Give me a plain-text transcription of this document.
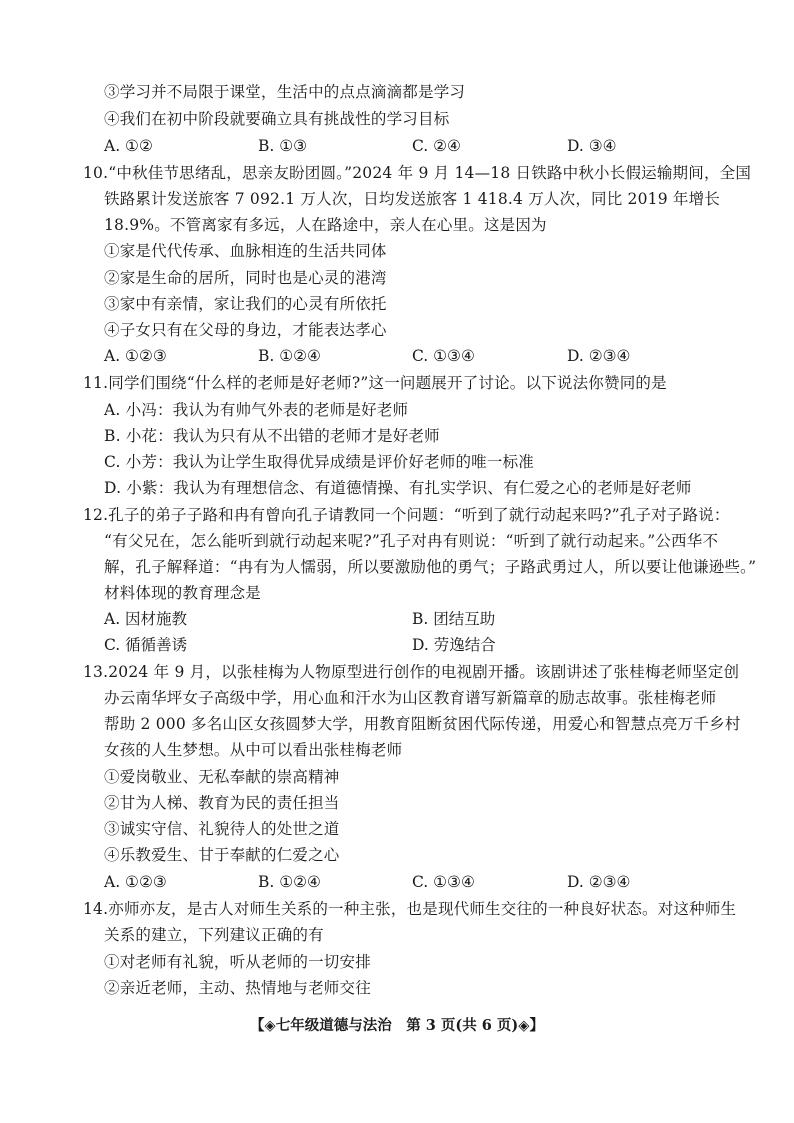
③学习并不局限于课堂，生活中的点点滴滴都是学习
④我们在初中阶段就要确立具有挑战性的学习目标
A. ①②	B. ①③	C. ②④	D. ③④
10.“中秋佳节思绪乱，思亲友盼团圆。”2024 年 9 月 14—18 日铁路中秋小长假运输期间，全国
铁路累计发送旅客 7 092.1 万人次，日均发送旅客 1 418.4 万人次，同比 2019 年增长
18.9%。不管离家有多远，人在路途中，亲人在心里。这是因为
①家是代代传承、血脉相连的生活共同体
②家是生命的居所，同时也是心灵的港湾
③家中有亲情，家让我们的心灵有所依托
④子女只有在父母的身边，才能表达孝心
A. ①②③	B. ①②④	C. ①③④	D. ②③④
11.同学们围绕“什么样的老师是好老师?”这一问题展开了讨论。以下说法你赞同的是
A. 小冯：我认为有帅气外表的老师是好老师
B. 小花：我认为只有从不出错的老师才是好老师
C. 小芳：我认为让学生取得优异成绩是评价好老师的唯一标准
D. 小紫：我认为有理想信念、有道德情操、有扎实学识、有仁爱之心的老师是好老师
12.孔子的弟子子路和冉有曾向孔子请教同一个问题：“听到了就行动起来吗?”孔子对子路说：
“有父兄在，怎么能听到就行动起来呢?”孔子对冉有则说：“听到了就行动起来。”公西华不
解，孔子解释道：“冉有为人懦弱，所以要激励他的勇气；子路武勇过人，所以要让他谦逊些。”
材料体现的教育理念是
A. 因材施教	B. 团结互助
C. 循循善诱	D. 劳逸结合
13.2024 年 9 月，以张桂梅为人物原型进行创作的电视剧开播。该剧讲述了张桂梅老师坚定创
办云南华坪女子高级中学，用心血和汗水为山区教育谱写新篇章的励志故事。张桂梅老师
帮助 2 000 多名山区女孩圆梦大学，用教育阻断贫困代际传递，用爱心和智慧点亮万千乡村
女孩的人生梦想。从中可以看出张桂梅老师
①爱岗敬业、无私奉献的崇高精神
②甘为人梯、教育为民的责任担当
③诚实守信、礼貌待人的处世之道
④乐教爱生、甘于奉献的仁爱之心
A. ①②③	B. ①②④	C. ①③④	D. ②③④
14.亦师亦友，是古人对师生关系的一种主张，也是现代师生交往的一种良好状态。对这种师生
关系的建立，下列建议正确的有
①对老师有礼貌，听从老师的一切安排
②亲近老师，主动、热情地与老师交往
【◈七年级道德与法治　第 3 页(共 6 页)◈】
